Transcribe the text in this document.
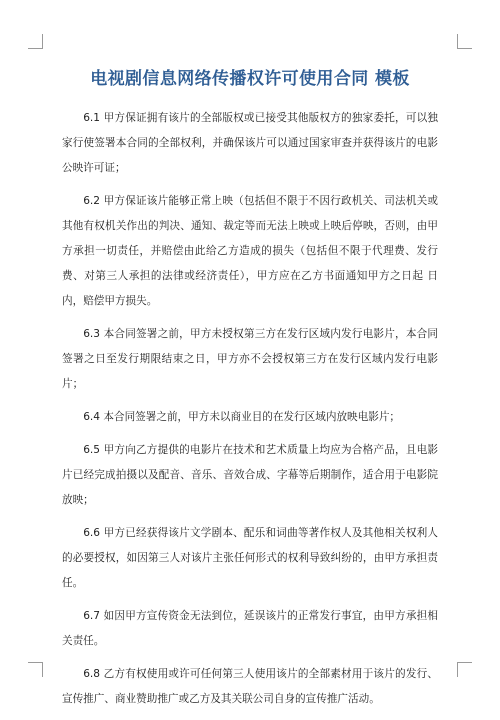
电视剧信息网络传播权许可使用合同 模板

6.1 甲方保证拥有该片的全部版权或已接受其他版权方的独家委托，可以独家行使签署本合同的全部权利，并确保该片可以通过国家审查并获得该片的电影公映许可证；

6.2 甲方保证该片能够正常上映（包括但不限于不因行政机关、司法机关或其他有权机关作出的判决、通知、裁定等而无法上映或上映后停映，否则，由甲方承担一切责任，并赔偿由此给乙方造成的损失（包括但不限于代理费、发行费、对第三人承担的法律或经济责任），甲方应在乙方书面通知甲方之日起 日内，赔偿甲方损失。

6.3 本合同签署之前，甲方未授权第三方在发行区域内发行电影片，本合同签署之日至发行期限结束之日，甲方亦不会授权第三方在发行区域内发行电影片；

6.4 本合同签署之前，甲方未以商业目的在发行区域内放映电影片；

6.5 甲方向乙方提供的电影片在技术和艺术质量上均应为合格产品，且电影片已经完成拍摄以及配音、音乐、音效合成、字幕等后期制作，适合用于电影院放映；

6.6 甲方已经获得该片文学剧本、配乐和词曲等著作权人及其他相关权利人的必要授权，如因第三人对该片主张任何形式的权利导致纠纷的，由甲方承担责任。

6.7 如因甲方宣传资金无法到位，延误该片的正常发行事宜，由甲方承担相关责任。

6.8 乙方有权使用或许可任何第三人使用该片的全部素材用于该片的发行、宣传推广、商业赞助推广或乙方及其关联公司自身的宣传推广活动。
